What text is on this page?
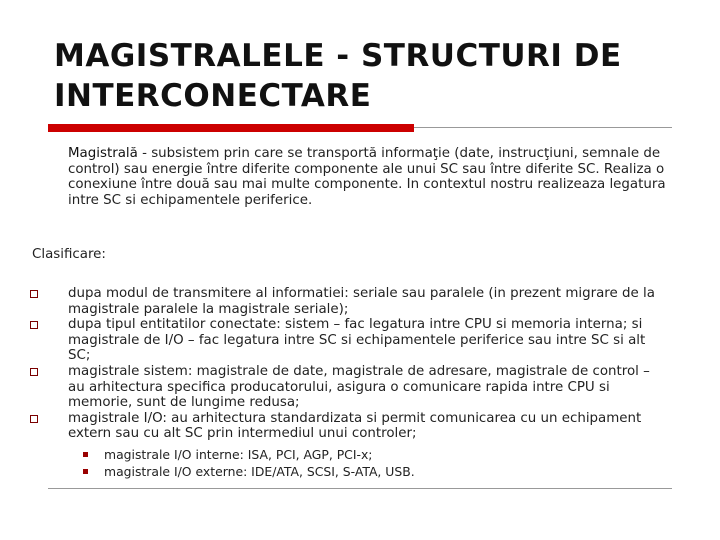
MAGISTRALELE - STRUCTURI DE INTERCONECTARE

Magistrală - subsistem prin care se transportă informaţie (date, instrucţiuni, semnale de control) sau energie între diferite componente ale unui SC sau între diferite SC. Realiza o conexiune între două sau mai multe componente. In contextul nostru realizeaza legatura intre SC si echipamentele periferice.

Clasificare:

dupa modul de transmitere al informatiei: seriale sau paralele (in prezent migrare de la magistrale paralele la magistrale seriale);
dupa tipul entitatilor conectate: sistem – fac legatura intre CPU si memoria interna; si magistrale de I/O – fac legatura intre SC si echipamentele periferice sau intre SC si alt SC;
magistrale sistem: magistrale de date, magistrale de adresare, magistrale de control – au arhitectura specifica producatorului, asigura o comunicare rapida intre CPU si memorie, sunt de lungime redusa;
magistrale I/O: au arhitectura standardizata si permit comunicarea cu un echipament extern sau cu alt SC prin intermediul unui controler;
magistrale I/O interne: ISA, PCI, AGP, PCI-x;
magistrale I/O externe: IDE/ATA, SCSI, S-ATA, USB.
